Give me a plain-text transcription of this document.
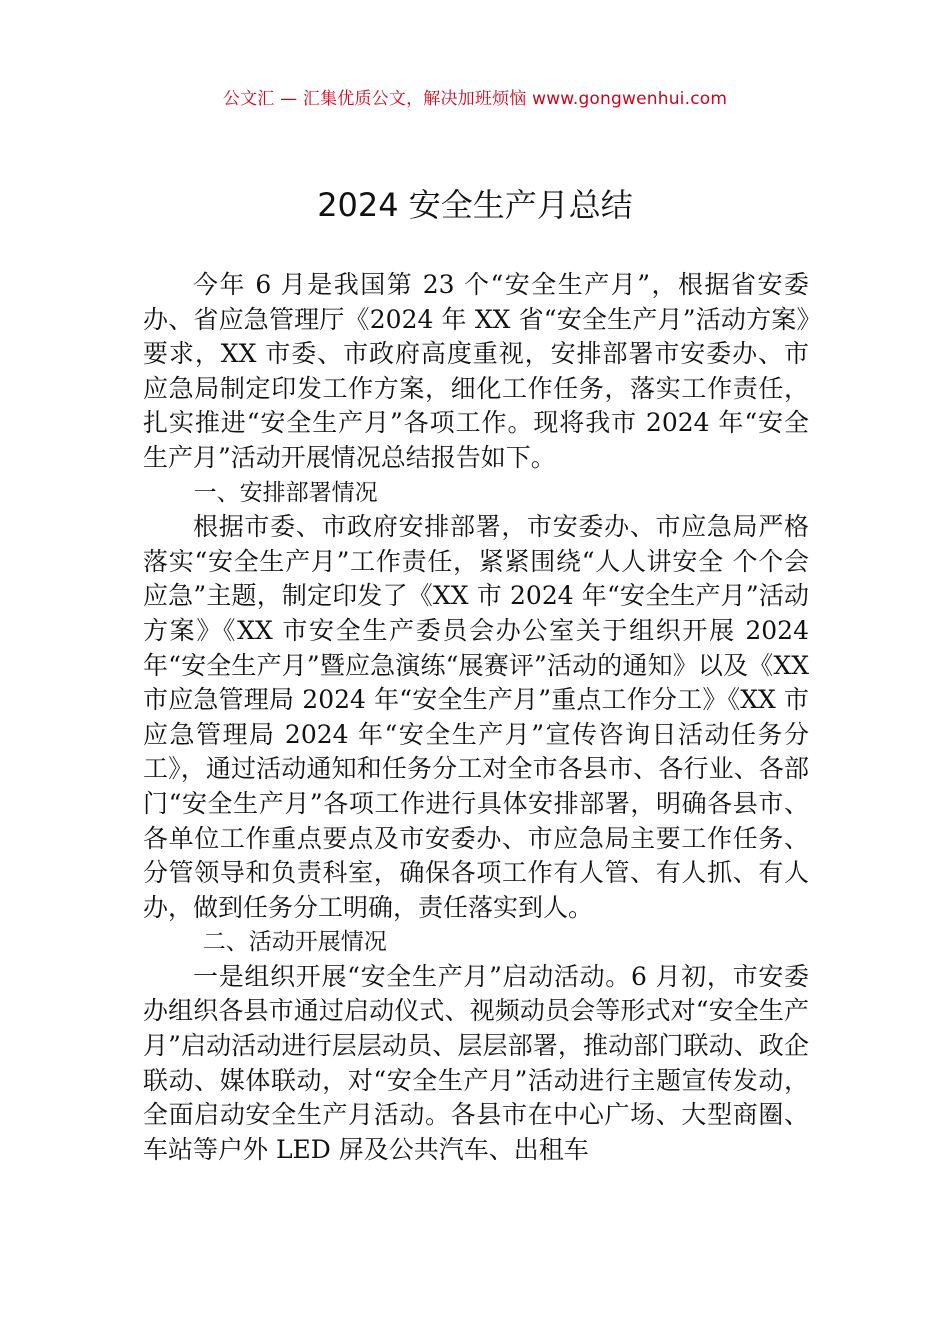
公文汇 — 汇集优质公文，解决加班烦恼 www.gongwenhui.com
2024 安全生产月总结

今年 6 月是我国第 23 个“安全生产月”，根据省安委办、省应急管理厅《2024 年 XX 省“安全生产月”活动方案》要求，XX 市委、市政府高度重视，安排部署市安委办、市应急局制定印发工作方案，细化工作任务，落实工作责任，扎实推进“安全生产月”各项工作。现将我市 2024 年“安全生产月”活动开展情况总结报告如下。

一、安排部署情况

根据市委、市政府安排部署，市安委办、市应急局严格落实“安全生产月”工作责任，紧紧围绕“人人讲安全 个个会应急”主题，制定印发了《XX 市 2024 年“安全生产月”活动方案》《XX 市安全生产委员会办公室关于组织开展 2024 年“安全生产月”暨应急演练“展赛评”活动的通知》以及《XX 市应急管理局 2024 年“安全生产月”重点工作分工》《XX 市应急管理局 2024 年“安全生产月”宣传咨询日活动任务分工》，通过活动通知和任务分工对全市各县市、各行业、各部门“安全生产月”各项工作进行具体安排部署，明确各县市、各单位工作重点要点及市安委办、市应急局主要工作任务、分管领导和负责科室，确保各项工作有人管、有人抓、有人办，做到任务分工明确，责任落实到人。

二、活动开展情况

一是组织开展“安全生产月”启动活动。6 月初，市安委办组织各县市通过启动仪式、视频动员会等形式对“安全生产月”启动活动进行层层动员、层层部署，推动部门联动、政企联动、媒体联动，对“安全生产月”活动进行主题宣传发动，全面启动安全生产月活动。各县市在中心广场、大型商圈、车站等户外 LED 屏及公共汽车、出租车
